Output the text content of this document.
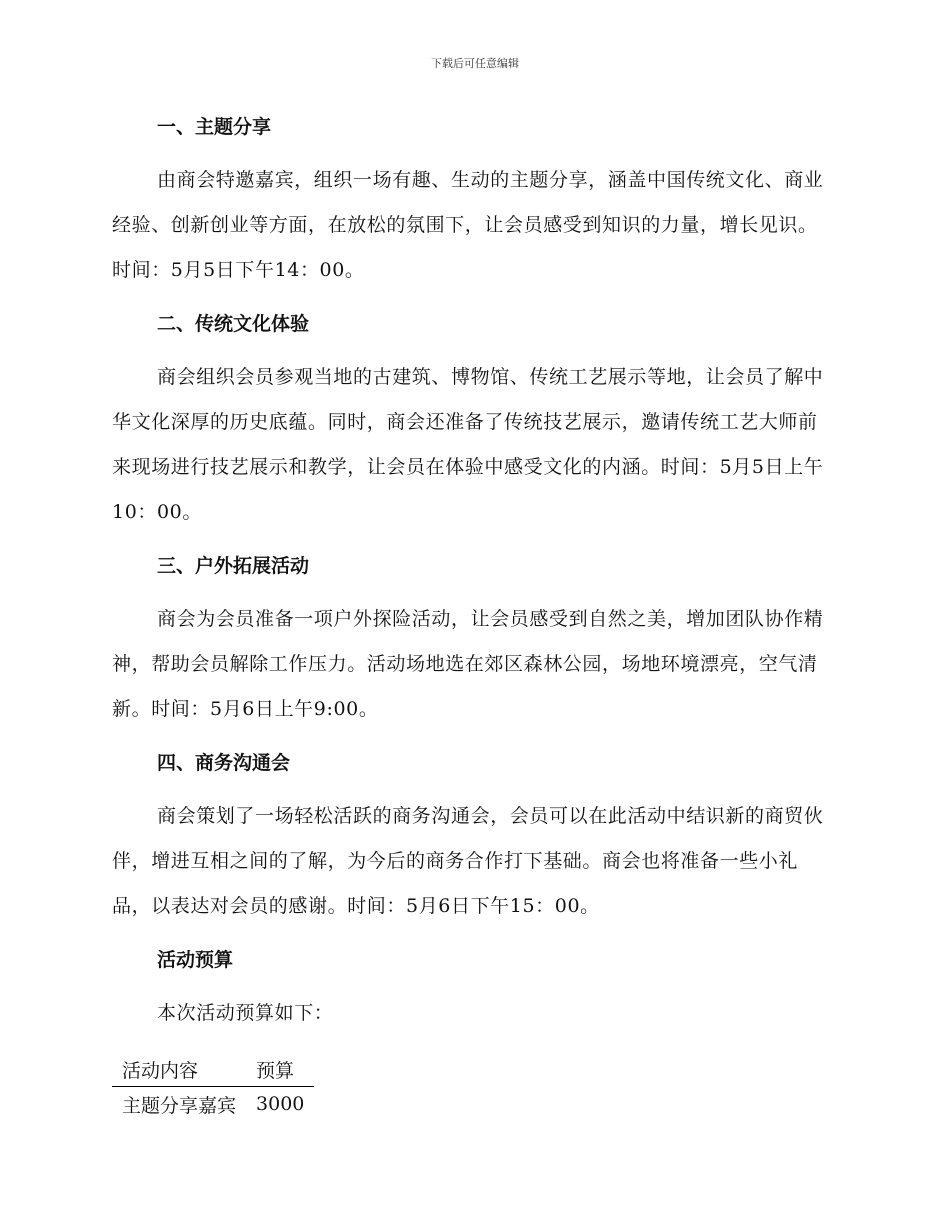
下载后可任意编辑
一、主题分享

由商会特邀嘉宾，组织一场有趣、生动的主题分享，涵盖中国传统文化、商业经验、创新创业等方面，在放松的氛围下，让会员感受到知识的力量，增长见识。时间：5月5日下午14：00。

二、传统文化体验

商会组织会员参观当地的古建筑、博物馆、传统工艺展示等地，让会员了解中华文化深厚的历史底蕴。同时，商会还准备了传统技艺展示，邀请传统工艺大师前来现场进行技艺展示和教学，让会员在体验中感受文化的内涵。时间：5月5日上午10：00。

三、户外拓展活动

商会为会员准备一项户外探险活动，让会员感受到自然之美，增加团队协作精神，帮助会员解除工作压力。活动场地选在郊区森林公园，场地环境漂亮，空气清新。时间：5月6日上午9:00。

四、商务沟通会

商会策划了一场轻松活跃的商务沟通会，会员可以在此活动中结识新的商贸伙伴，增进互相之间的了解，为今后的商务合作打下基础。商会也将准备一些小礼品，以表达对会员的感谢。时间：5月6日下午15：00。

活动预算

本次活动预算如下：

活动内容	预算
主题分享嘉宾	3000
